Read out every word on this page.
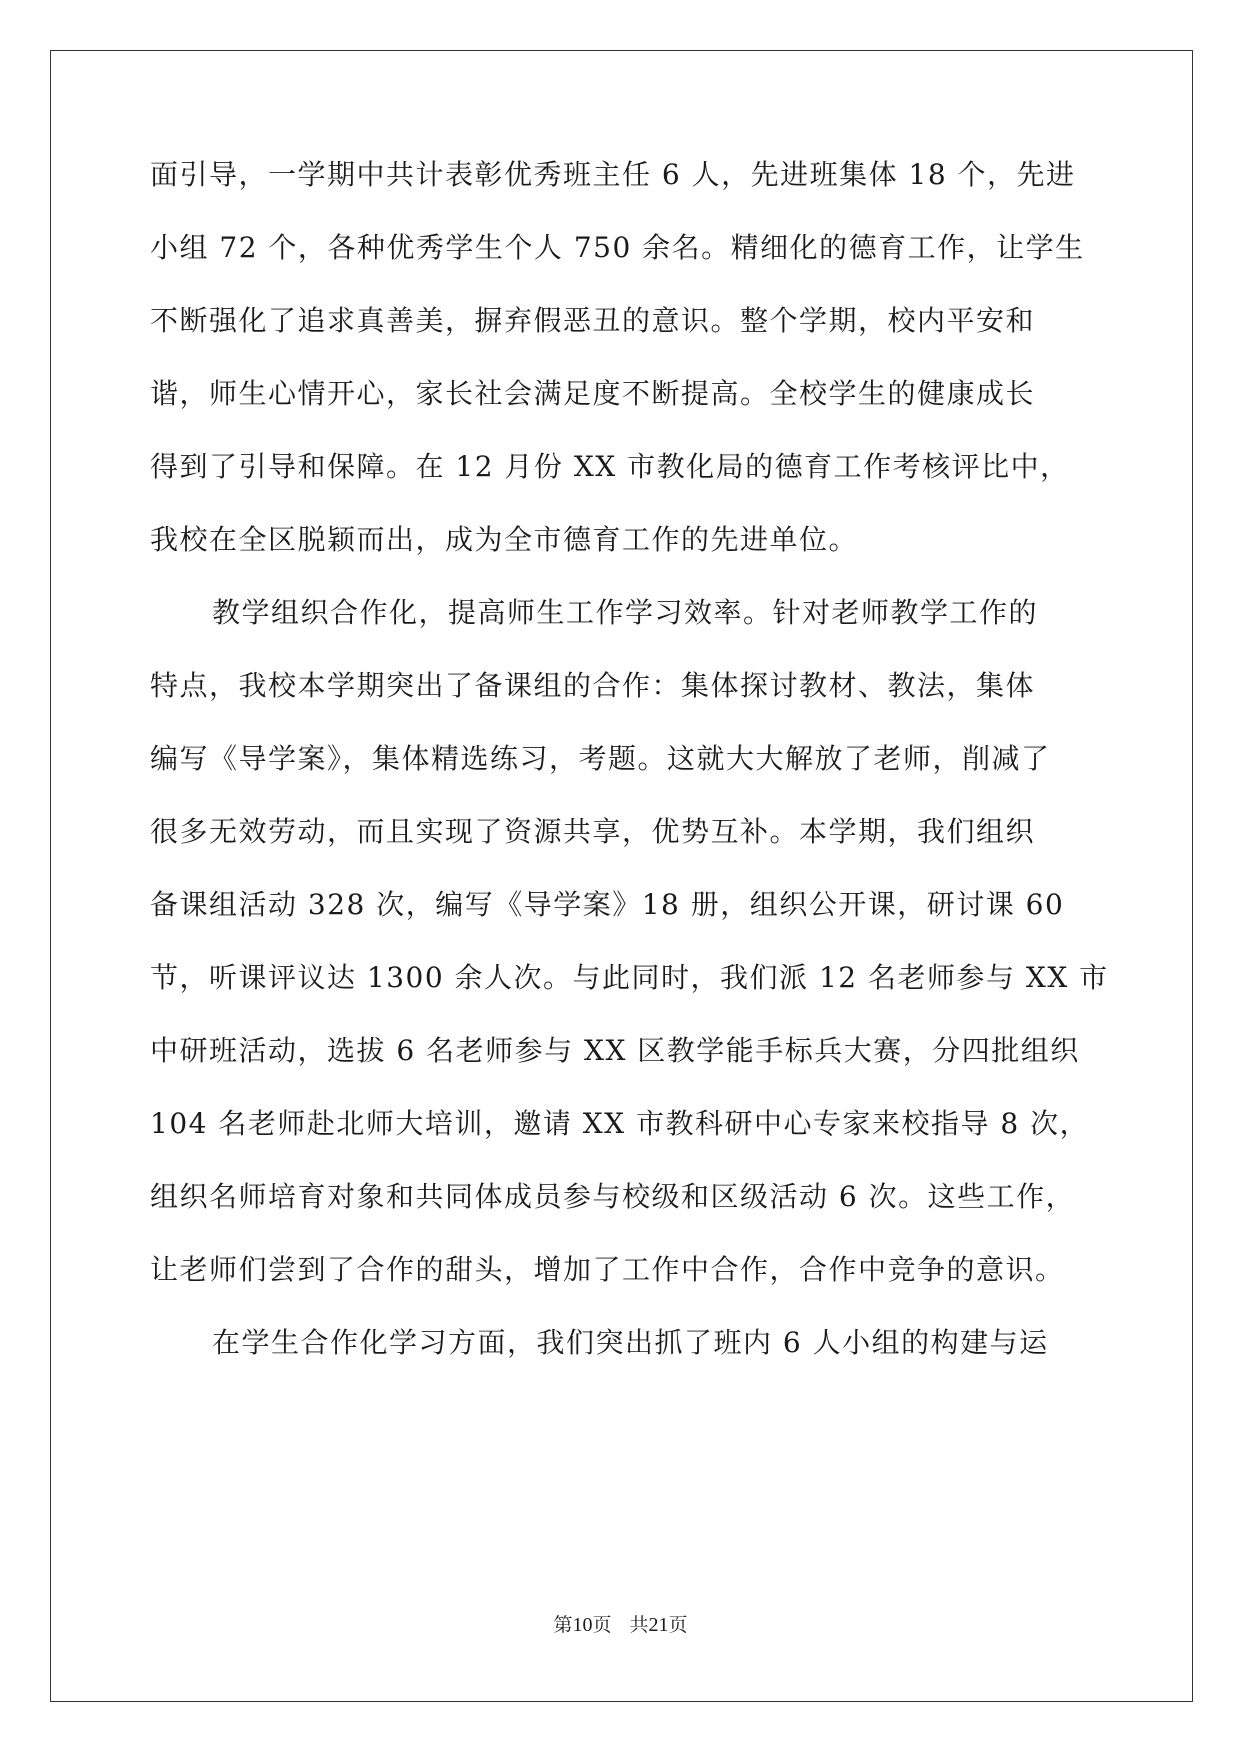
面引导，一学期中共计表彰优秀班主任 6 人，先进班集体 18 个，先进
小组 72 个，各种优秀学生个人 750 余名。精细化的德育工作，让学生
不断强化了追求真善美，摒弃假恶丑的意识。整个学期，校内平安和
谐，师生心情开心，家长社会满足度不断提高。全校学生的健康成长
得到了引导和保障。在 12 月份 XX 市教化局的德育工作考核评比中，
我校在全区脱颖而出，成为全市德育工作的先进单位。
教学组织合作化，提高师生工作学习效率。针对老师教学工作的
特点，我校本学期突出了备课组的合作：集体探讨教材、教法，集体
编写《导学案》，集体精选练习，考题。这就大大解放了老师，削减了
很多无效劳动，而且实现了资源共享，优势互补。本学期，我们组织
备课组活动 328 次，编写《导学案》18 册，组织公开课，研讨课 60
节，听课评议达 1300 余人次。与此同时，我们派 12 名老师参与 XX 市
中研班活动，选拔 6 名老师参与 XX 区教学能手标兵大赛，分四批组织
104 名老师赴北师大培训，邀请 XX 市教科研中心专家来校指导 8 次，
组织名师培育对象和共同体成员参与校级和区级活动 6 次。这些工作，
让老师们尝到了合作的甜头，增加了工作中合作，合作中竞争的意识。
在学生合作化学习方面，我们突出抓了班内 6 人小组的构建与运
第10页 共21页
